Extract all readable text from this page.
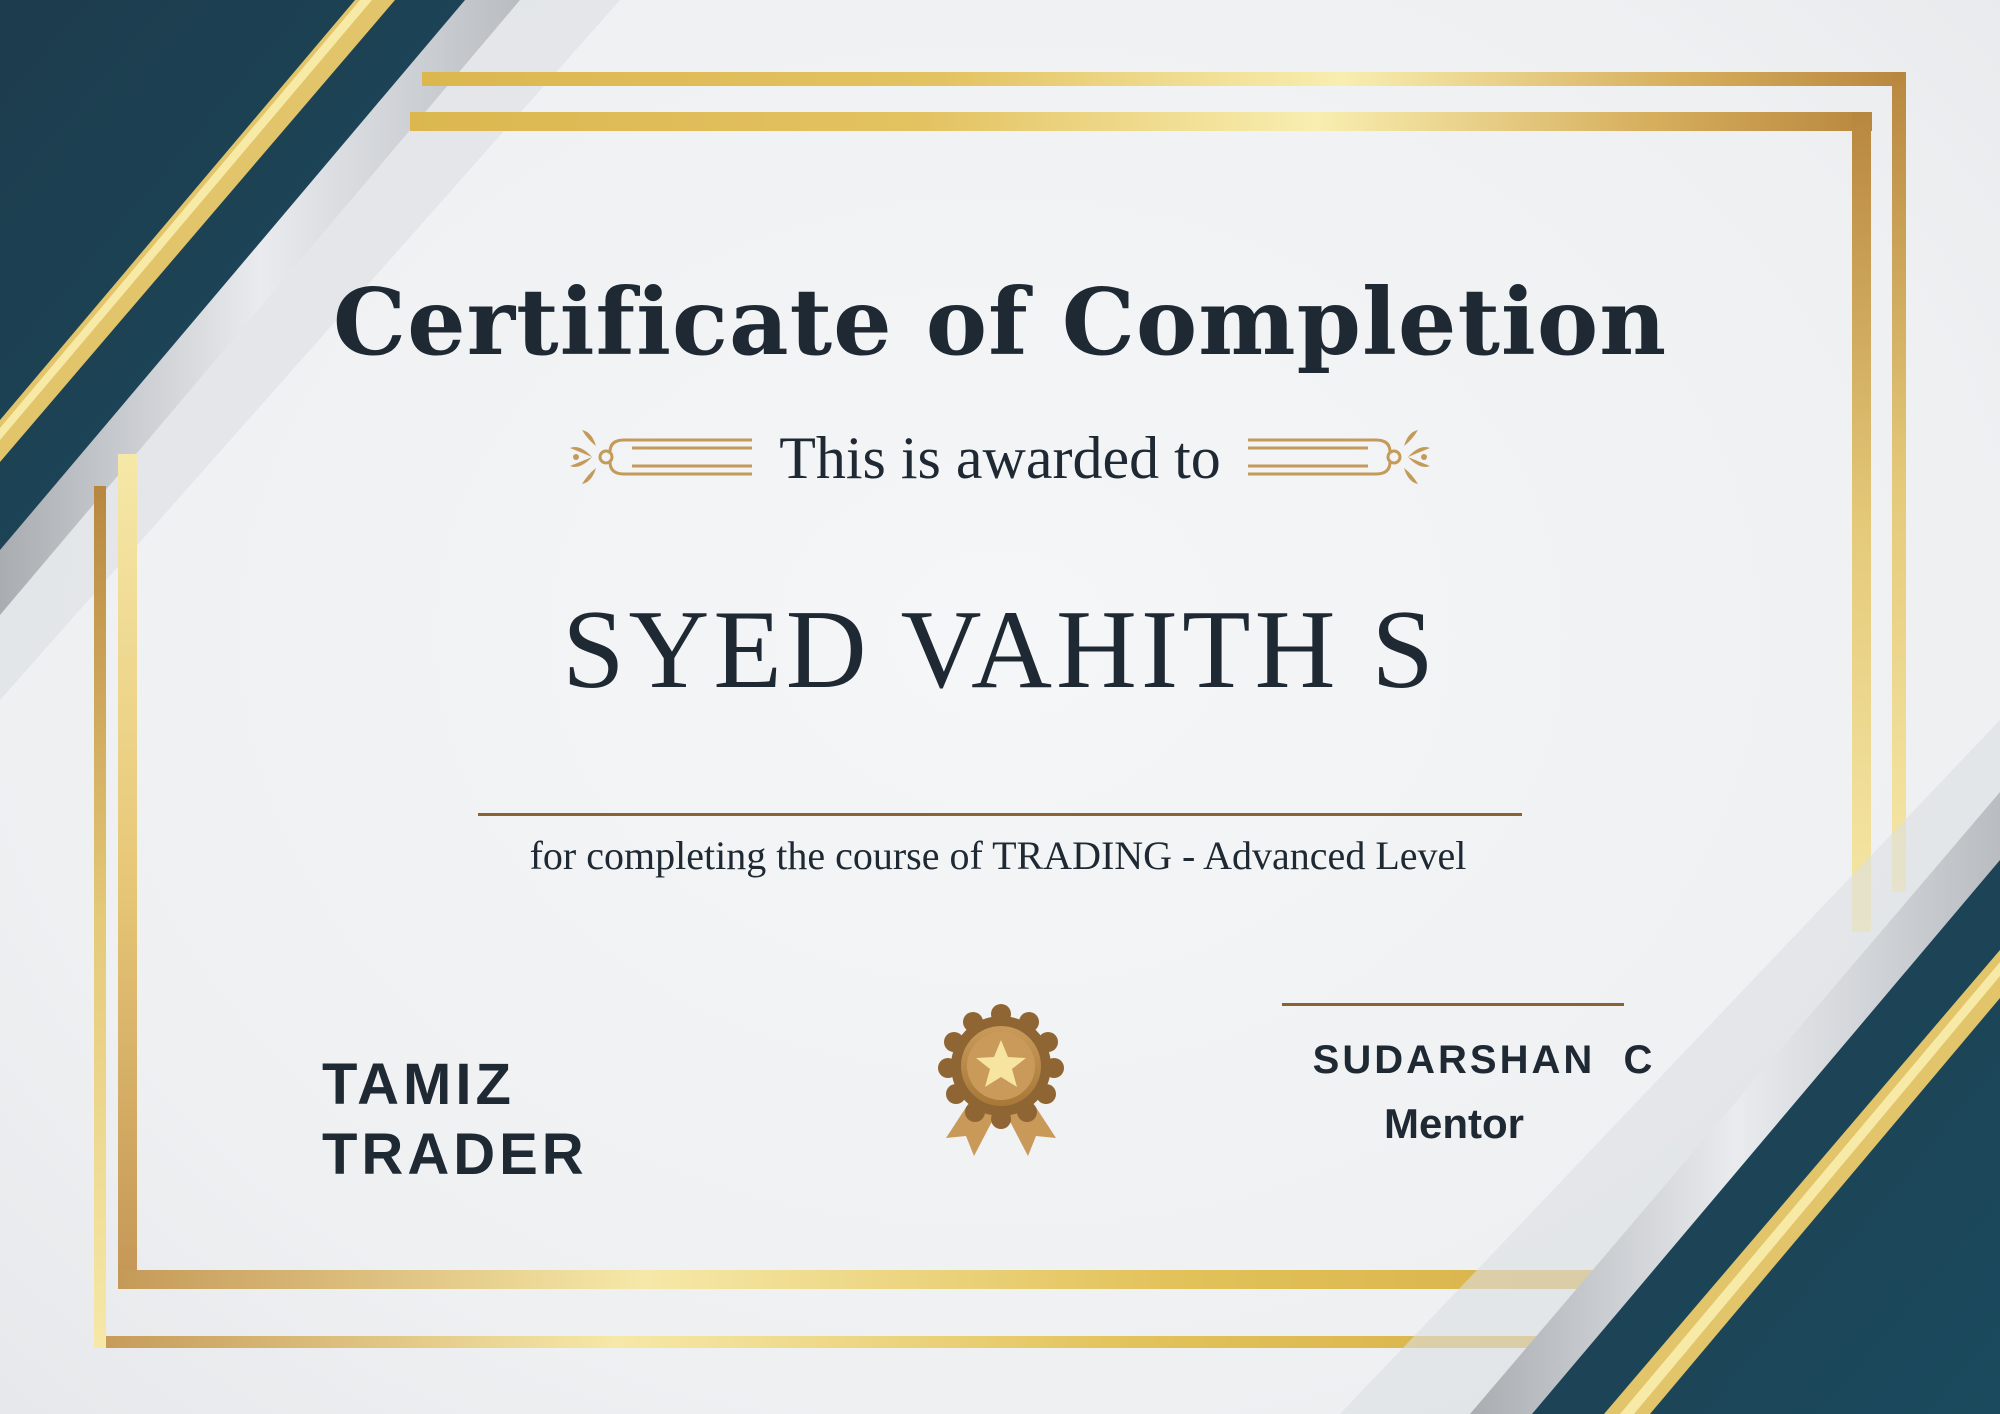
Certificate of Completion

This is awarded to

SYED VAHITH S

for completing the course of TRADING - Advanced Level

TAMIZ TRADER
SUDARSHAN  C
Mentor
